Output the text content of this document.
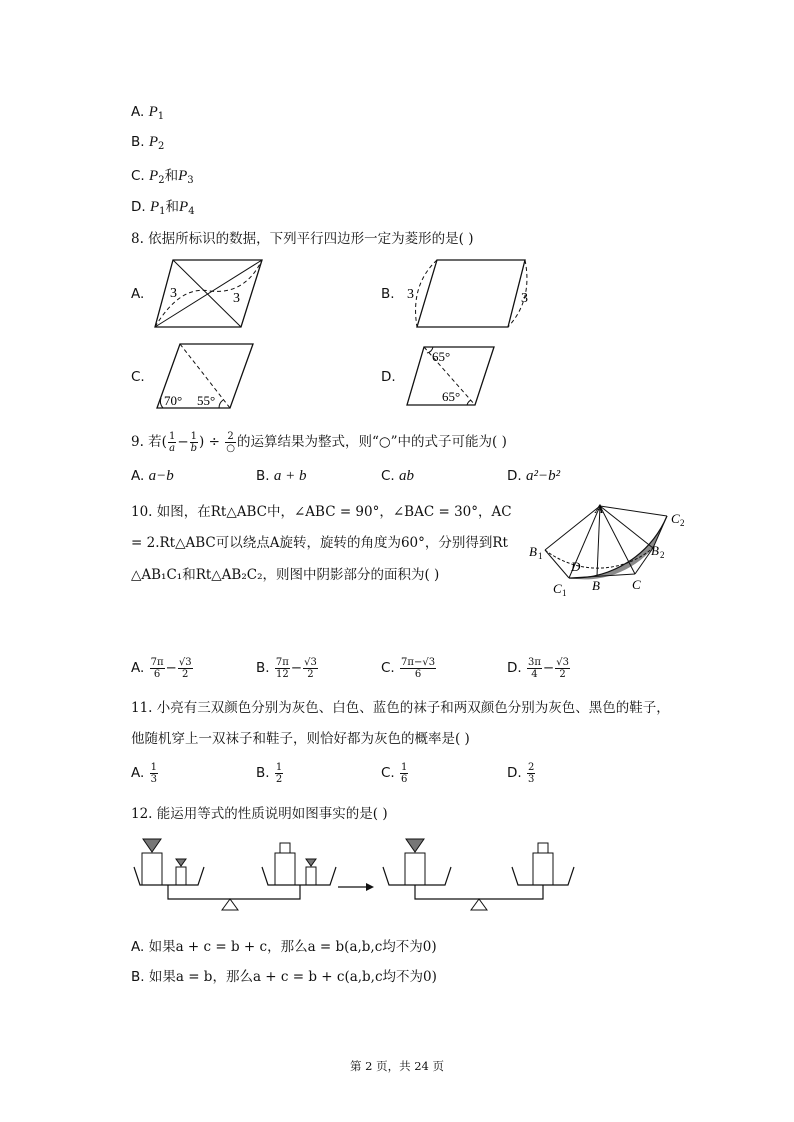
A. $P_1$
B. $P_2$
C. $P_2$和$P_3$
D. $P_1$和$P_4$
8. 依据所标识的数据，下列平行四边形一定为菱形的是( )
A. 3	3	B. 3	3
C.
70° 55°
D.
65°
65°
9. 若( $\frac{1}{a} - \frac{1}{b}$ ) ÷ $\frac{2}{○}$ 的运算结果为整式，则“○”中的式子可能为( )
A. a−b	B. a + b	C. ab	D. a²−b²
10. 如图，在Rt△ABC中，∠ABC = 90°，∠BAC = 30°，AC
= 2.Rt△ABC可以绕点A旋转，旋转的角度为60°，分别得到Rt
△AB₁C₁和Rt△AB₂C₂，则图中阴影部分的面积为( )
A
C 2
B 1	B 2
D
C 1 B C
A. $\frac{7\pi}{6} - \frac{√3}{2}$	B. $\frac{7\pi}{12} - \frac{√3}{2}$	C. $\frac{7\pi-√3}{6}$	D. $\frac{3\pi}{4} - \frac{√3}{2}$
11. 小亮有三双颜色分别为灰色、白色、蓝色的袜子和两双颜色分别为灰色、黑色的鞋子，
他随机穿上一双袜子和鞋子，则恰好都为灰色的概率是( )
A. $\frac{1}{3}$	B. $\frac{1}{2}$	C. $\frac{1}{6}$	D. $\frac{2}{3}$
12. 能运用等式的性质说明如图事实的是( )
A. 如果a + c = b + c，那么a = b(a,b,c均不为0)
B. 如果a = b，那么a + c = b + c(a,b,c均不为0)
第 2 页，共 24 页
